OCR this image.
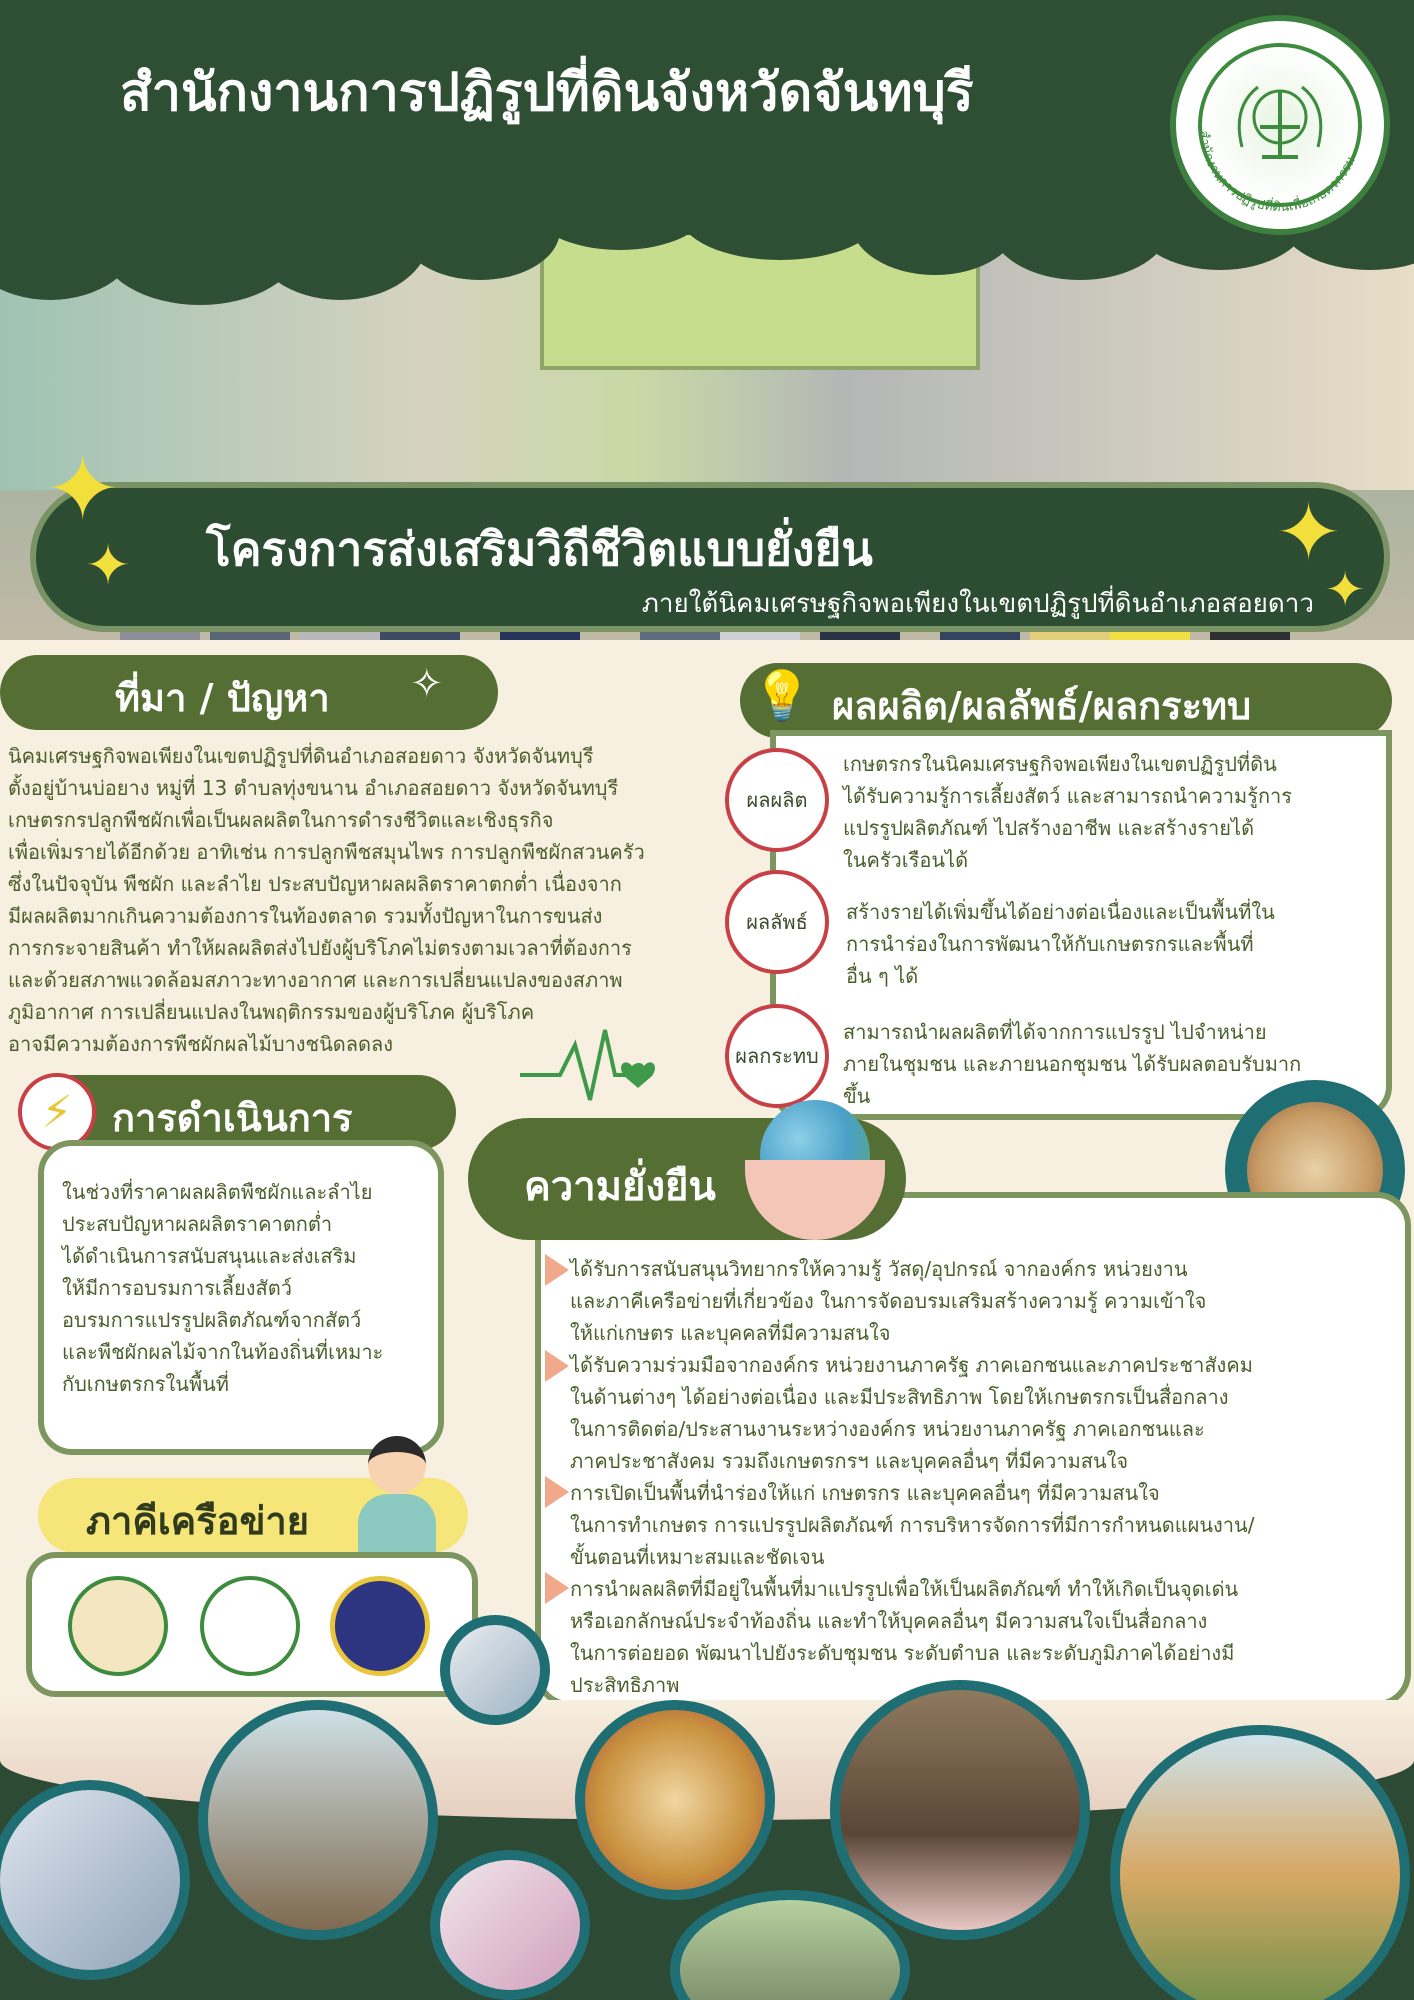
สำนักงานการปฏิรูปที่ดินจังหวัดจันทบุรี
สำนักงานการปฏิรูปที่ดินเพื่อเกษตรกรรม
โครงการส่งเสริมวิถีชีวิตแบบยั่งยืน
ภายใต้นิคมเศรษฐกิจพอเพียงในเขตปฏิรูปที่ดินอำเภอสอยดาว
✦
✦	✦
✦
ที่มา / ปัญหา ✧
นิคมเศรษฐกิจพอเพียงในเขตปฏิรูปที่ดินอำเภอสอยดาว จังหวัดจันทบุรี
ตั้งอยู่บ้านบ่อยาง หมู่ที่ 13 ตำบลทุ่งขนาน อำเภอสอยดาว จังหวัดจันทบุรี
เกษตรกรปลูกพืชผักเพื่อเป็นผลผลิตในการดำรงชีวิตและเชิงธุรกิจ
เพื่อเพิ่มรายได้อีกด้วย อาทิเช่น การปลูกพืชสมุนไพร การปลูกพืชผักสวนครัว
ซึ่งในปัจจุบัน พืชผัก และลำไย ประสบปัญหาผลผลิตราคาตกต่ำ เนื่องจาก
มีผลผลิตมากเกินความต้องการในท้องตลาด รวมทั้งปัญหาในการขนส่ง
การกระจายสินค้า ทำให้ผลผลิตส่งไปยังผู้บริโภคไม่ตรงตามเวลาที่ต้องการ
และด้วยสภาพแวดล้อมสภาวะทางอากาศ และการเปลี่ยนแปลงของสภาพ
ภูมิอากาศ การเปลี่ยนแปลงในพฤติกรรมของผู้บริโภค ผู้บริโภค
อาจมีความต้องการพืชผักผลไม้บางชนิดลดลง
การดำเนินการ
⚡
ในช่วงที่ราคาผลผลิตพืชผักและลำไย
ประสบปัญหาผลผลิตราคาตกต่ำ
ได้ดำเนินการสนับสนุนและส่งเสริม
ให้มีการอบรมการเลี้ยงสัตว์
อบรมการแปรรูปผลิตภัณฑ์จากสัตว์
และพืชผักผลไม้จากในท้องถิ่นที่เหมาะ
กับเกษตรกรในพื้นที่
ภาคีเครือข่าย
ผลผลิต/ผลลัพธ์/ผลกระทบ
💡
ผลผลิต
ผลลัพธ์
ผลกระทบ
เกษตรกรในนิคมเศรษฐกิจพอเพียงในเขตปฏิรูปที่ดิน
ได้รับความรู้การเลี้ยงสัตว์ และสามารถนำความรู้การ
แปรรูปผลิตภัณฑ์ ไปสร้างอาชีพ และสร้างรายได้
ในครัวเรือนได้
สร้างรายได้เพิ่มขึ้นได้อย่างต่อเนื่องและเป็นพื้นที่ใน
การนำร่องในการพัฒนาให้กับเกษตรกรและพื้นที่
อื่น ๆ ได้
สามารถนำผลผลิตที่ได้จากการแปรรูป ไปจำหน่าย
ภายในชุมชน และภายนอกชุมชน ได้รับผลตอบรับมาก
ขึ้น
ความยั่งยืน
ได้รับการสนับสนุนวิทยากรให้ความรู้ วัสดุ/อุปกรณ์ จากองค์กร หน่วยงาน
และภาคีเครือข่ายที่เกี่ยวข้อง ในการจัดอบรมเสริมสร้างความรู้ ความเข้าใจ
ให้แก่เกษตร และบุคคลที่มีความสนใจ
ได้รับความร่วมมือจากองค์กร หน่วยงานภาครัฐ ภาคเอกชนและภาคประชาสังคม
ในด้านต่างๆ ได้อย่างต่อเนื่อง และมีประสิทธิภาพ โดยให้เกษตรกรเป็นสื่อกลาง
ในการติดต่อ/ประสานงานระหว่างองค์กร หน่วยงานภาครัฐ ภาคเอกชนและ
ภาคประชาสังคม รวมถึงเกษตรกรฯ และบุคคลอื่นๆ ที่มีความสนใจ
การเปิดเป็นพื้นที่นำร่องให้แก่ เกษตรกร และบุคคลอื่นๆ ที่มีความสนใจ
ในการทำเกษตร การแปรรูปผลิตภัณฑ์ การบริหารจัดการที่มีการกำหนดแผนงาน/
ขั้นตอนที่เหมาะสมและชัดเจน
การนำผลผลิตที่มีอยู่ในพื้นที่มาแปรรูปเพื่อให้เป็นผลิตภัณฑ์ ทำให้เกิดเป็นจุดเด่น
หรือเอกลักษณ์ประจำท้องถิ่น และทำให้บุคคลอื่นๆ มีความสนใจเป็นสื่อกลาง
ในการต่อยอด พัฒนาไปยังระดับชุมชน ระดับตำบล และระดับภูมิภาคได้อย่างมี
ประสิทธิภาพ
